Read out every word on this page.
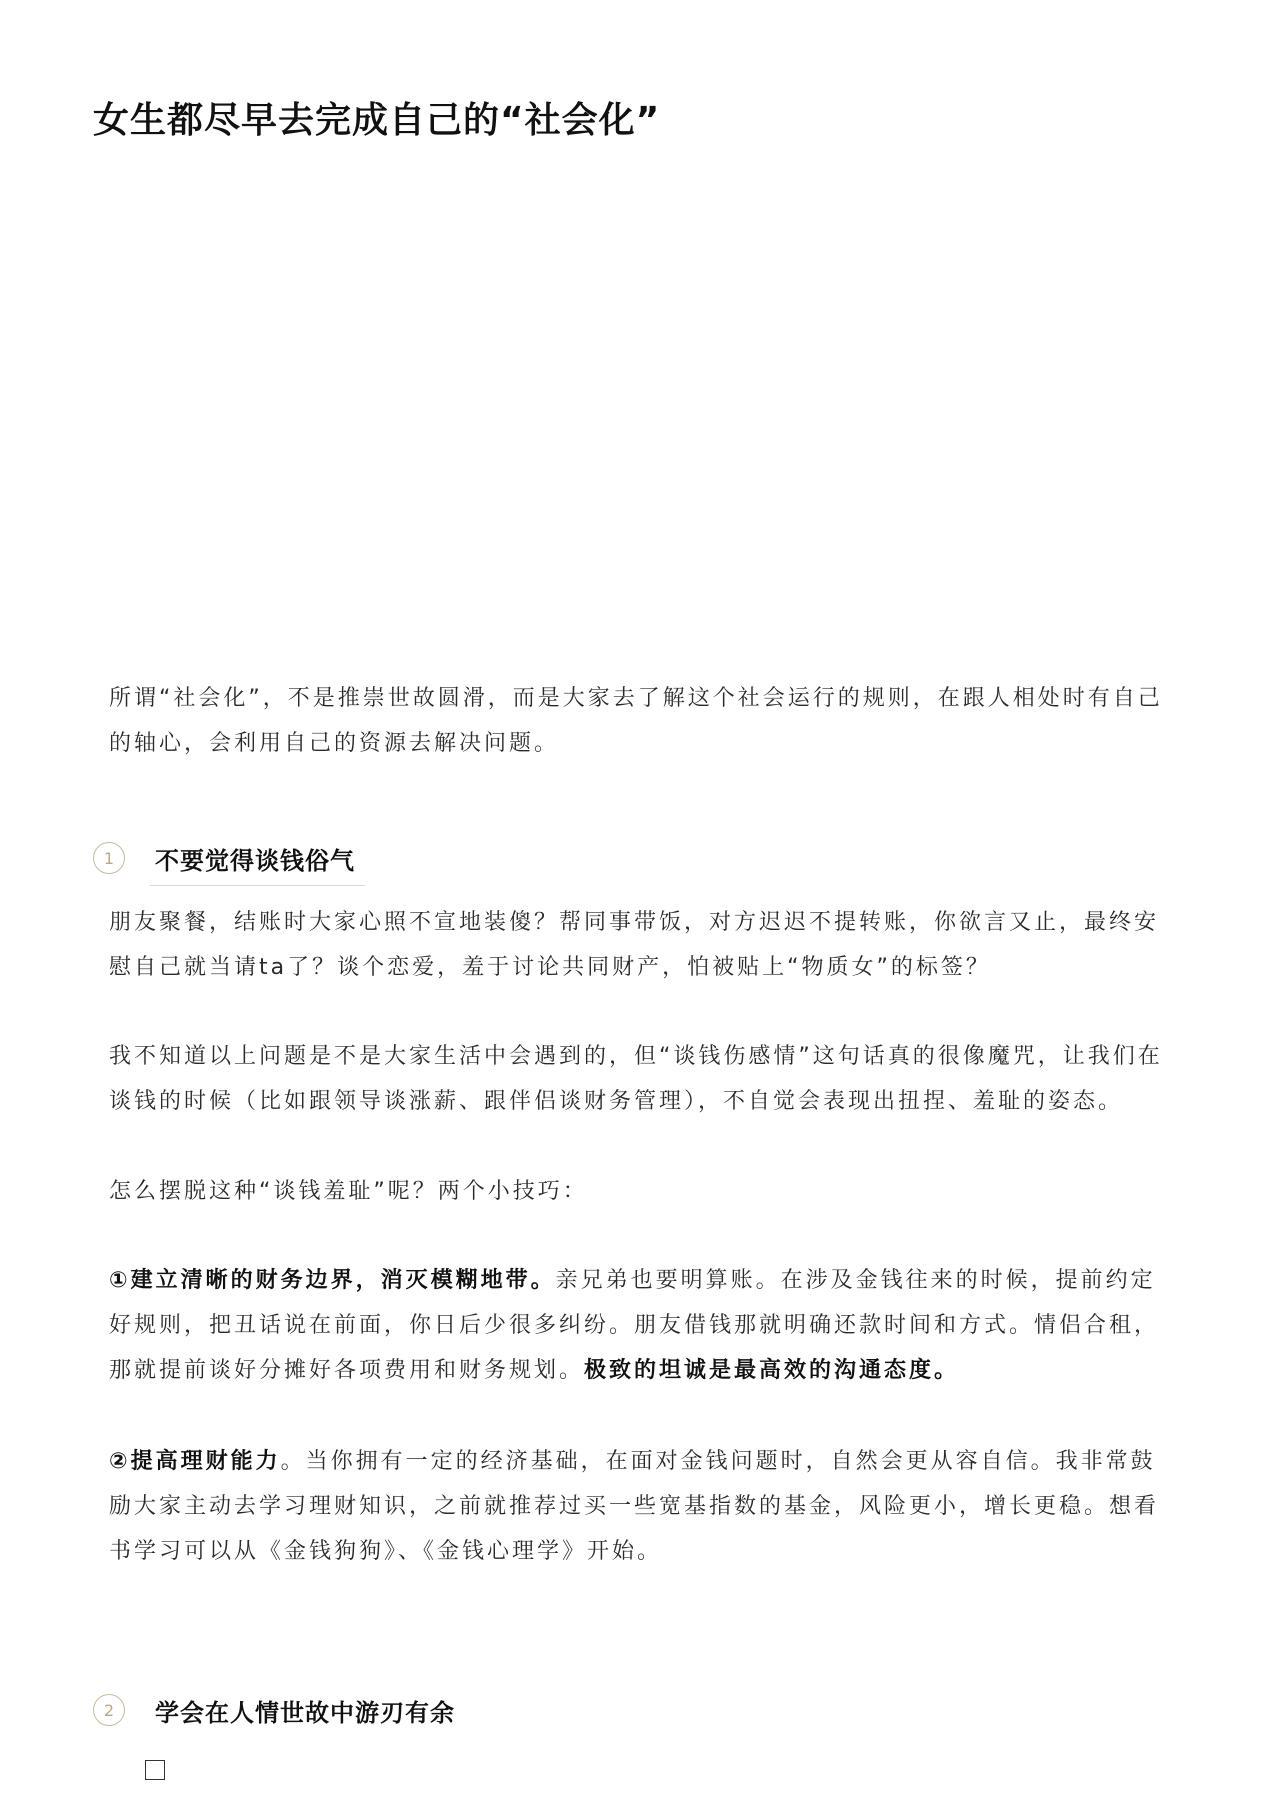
女生都尽早去完成自己的“社会化”
所谓“社会化”，不是推崇世故圆滑，而是大家去了解这个社会运行的规则，在跟人相处时有自己
的轴心，会利用自己的资源去解决问题。
1	不要觉得谈钱俗气
朋友聚餐，结账时大家心照不宣地装傻？帮同事带饭，对方迟迟不提转账，你欲言又止，最终安
慰自己就当请ta了？谈个恋爱，羞于讨论共同财产，怕被贴上“物质女”的标签？
我不知道以上问题是不是大家生活中会遇到的，但“谈钱伤感情”这句话真的很像魔咒，让我们在
谈钱的时候（比如跟领导谈涨薪、跟伴侣谈财务管理），不自觉会表现出扭捏、羞耻的姿态。
怎么摆脱这种“谈钱羞耻”呢？两个小技巧：
①建立清晰的财务边界，消灭模糊地带。亲兄弟也要明算账。在涉及金钱往来的时候，提前约定
好规则，把丑话说在前面，你日后少很多纠纷。朋友借钱那就明确还款时间和方式。情侣合租，
那就提前谈好分摊好各项费用和财务规划。极致的坦诚是最高效的沟通态度。
②提高理财能力。当你拥有一定的经济基础，在面对金钱问题时，自然会更从容自信。我非常鼓
励大家主动去学习理财知识，之前就推荐过买一些宽基指数的基金，风险更小，增长更稳。想看
书学习可以从《金钱狗狗》、《金钱心理学》开始。
2	学会在人情世故中游刃有余
